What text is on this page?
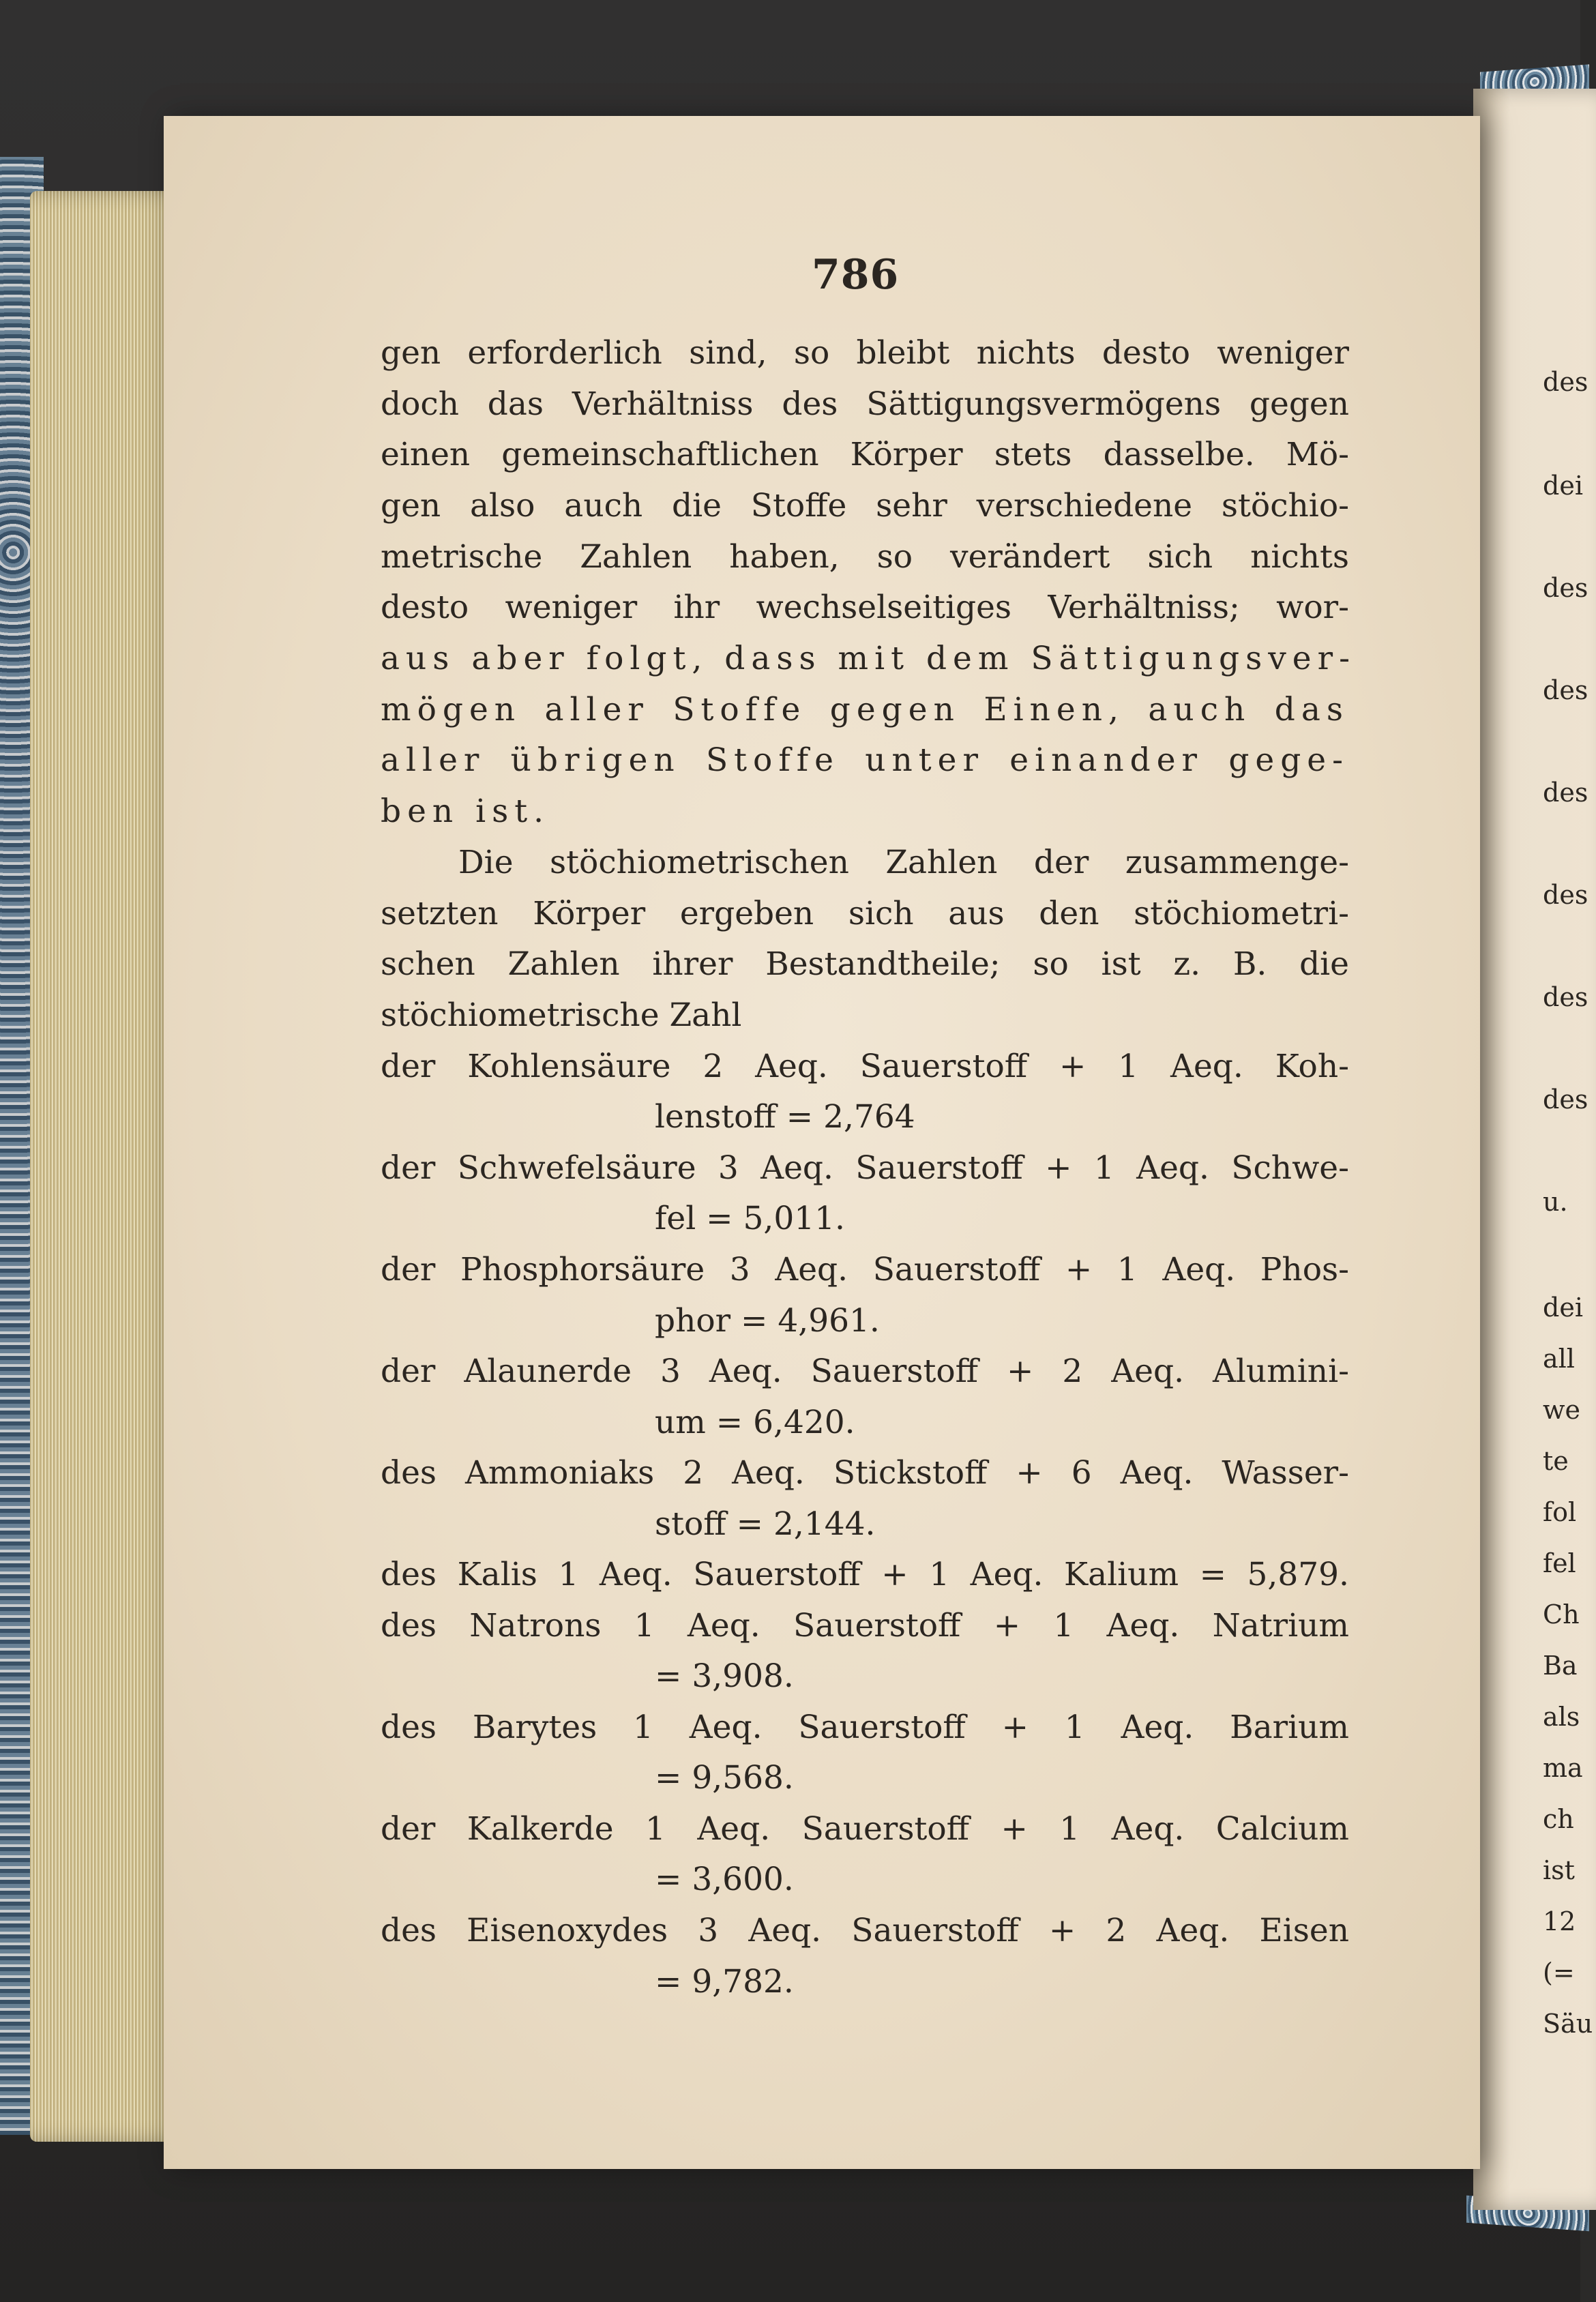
786
gen erforderlich sind, so bleibt nichts desto weniger
doch das Verhältniss des Sättigungsvermögens gegen
einen gemeinschaftlichen Körper stets dasselbe. Mö-
gen also auch die Stoffe sehr verschiedene stöchio-
metrische Zahlen haben, so verändert sich nichts
desto weniger ihr wechselseitiges Verhältniss; wor-
aus aber folgt, dass mit dem Sättigungsver-
mögen aller Stoffe gegen Einen, auch das
aller übrigen Stoffe unter einander gege-
ben ist.
Die stöchiometrischen Zahlen der zusammenge-
setzten Körper ergeben sich aus den stöchiometri-
schen Zahlen ihrer Bestandtheile; so ist z. B. die
stöchiometrische Zahl
der Kohlensäure 2 Aeq. Sauerstoff + 1 Aeq. Koh-
lenstoff = 2,764
der Schwefelsäure 3 Aeq. Sauerstoff + 1 Aeq. Schwe-
fel = 5,011.
der Phosphorsäure 3 Aeq. Sauerstoff + 1 Aeq. Phos-
phor = 4,961.
der Alaunerde 3 Aeq. Sauerstoff + 2 Aeq. Alumini-
um = 6,420.
des Ammoniaks 2 Aeq. Stickstoff + 6 Aeq. Wasser-
stoff = 2,144.
des Kalis 1 Aeq. Sauerstoff + 1 Aeq. Kalium = 5,879.
des Natrons 1 Aeq. Sauerstoff + 1 Aeq. Natrium
= 3,908.
des Barytes 1 Aeq. Sauerstoff + 1 Aeq. Barium
= 9,568.
der Kalkerde 1 Aeq. Sauerstoff + 1 Aeq. Calcium
= 3,600.
des Eisenoxydes 3 Aeq. Sauerstoff + 2 Aeq. Eisen
= 9,782.
des
dei
des
des
des
des
des
des
u.
dei
all
we
te
fol
fel
Ch
Ba
als
ma
ch
ist
12
(=
Säu
